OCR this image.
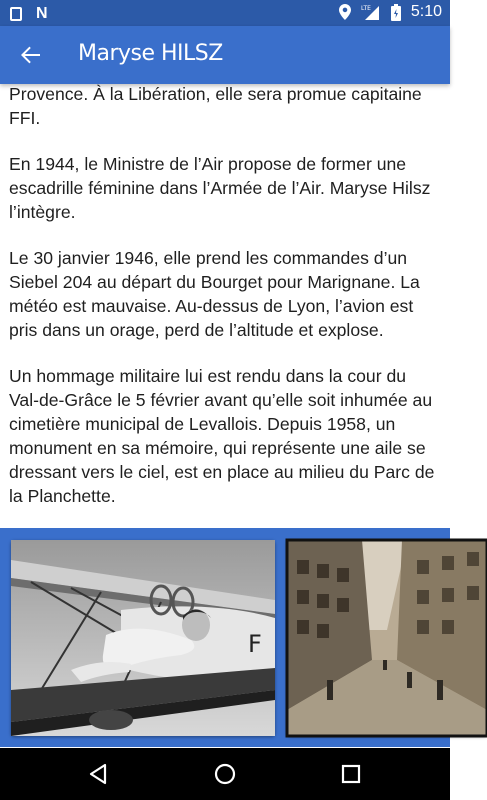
N	LTE	5:10
Maryse HILSZ

Provence. À la Libération, elle sera promue capitaine FFI.

En 1944, le Ministre de l’Air propose de former une escadrille féminine dans l’Armée de l’Air. Maryse Hilsz l’intègre.

Le 30 janvier 1946, elle prend les commandes d’un Siebel 204 au départ du Bourget pour Marignane. La météo est mauvaise. Au-dessus de Lyon, l’avion est pris dans un orage, perd de l’altitude et explose.

Un hommage militaire lui est rendu dans la cour du Val-de-Grâce le 5 février avant qu’elle soit inhumée au cimetière municipal de Levallois. Depuis 1958, un monument en sa mémoire, qui représente une aile se dressant vers le ciel, est en place au milieu du Parc de la Planchette.

F
